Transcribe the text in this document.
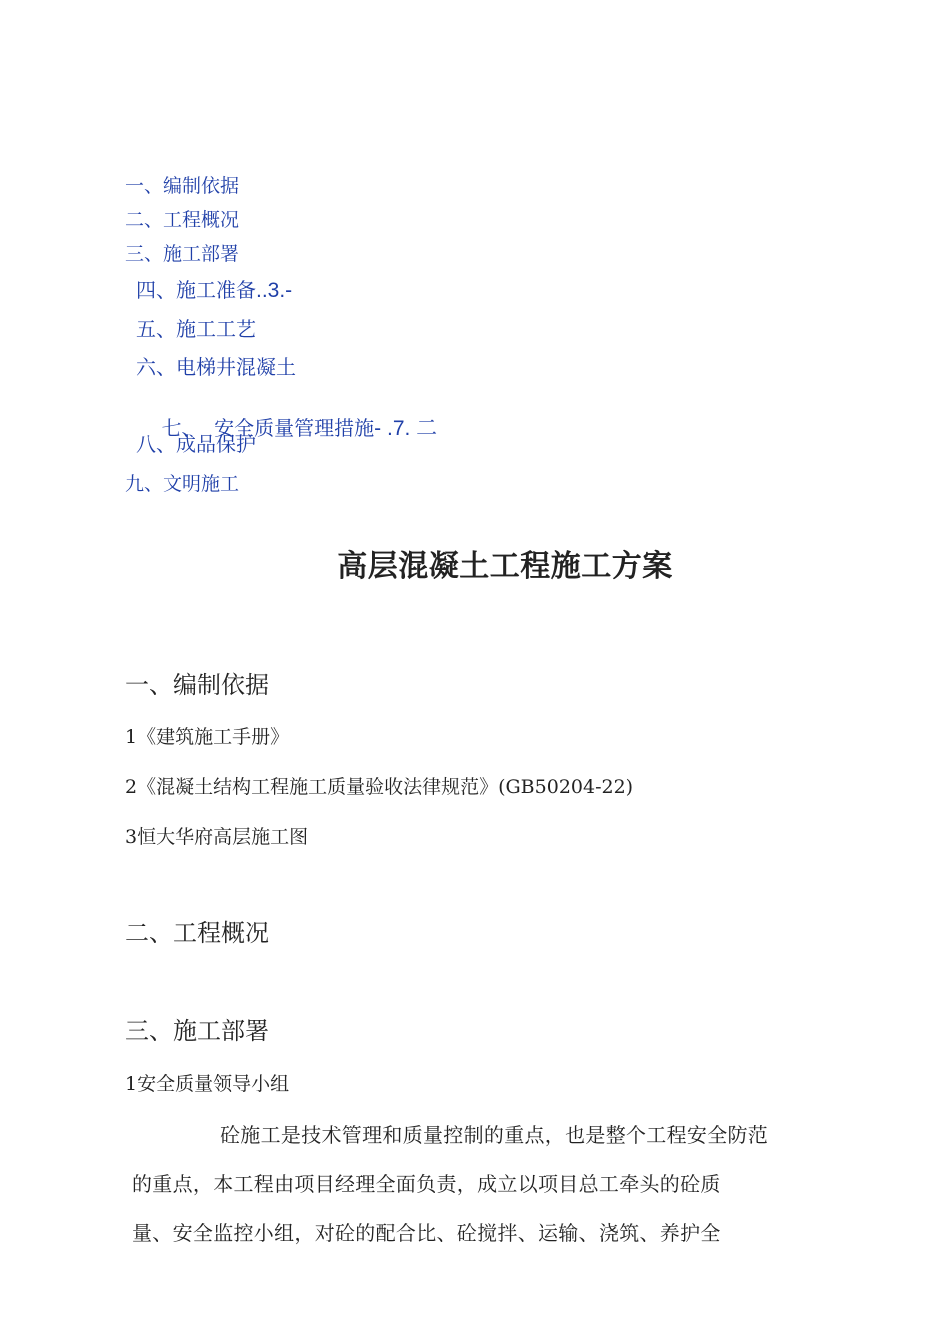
一、编制依据
二、工程概况
三、施工部署
四、施工准备..3.-
五、施工工艺
六、电梯井混凝土

七、  安全质量管理措施- .7. 二

八、成品保护
九、文明施工
高层混凝土工程施工方案
一、编制依据
1《建筑施工手册》
2《混凝土结构工程施工质量验收法律规范》(GB50204-22)
3恒大华府高层施工图
二、工程概况
三、施工部署
1安全质量领导小组
砼施工是技术管理和质量控制的重点，也是整个工程安全防范
的重点，本工程由项目经理全面负责，成立以项目总工牵头的砼质
量、安全监控小组，对砼的配合比、砼搅拌、运输、浇筑、养护全
